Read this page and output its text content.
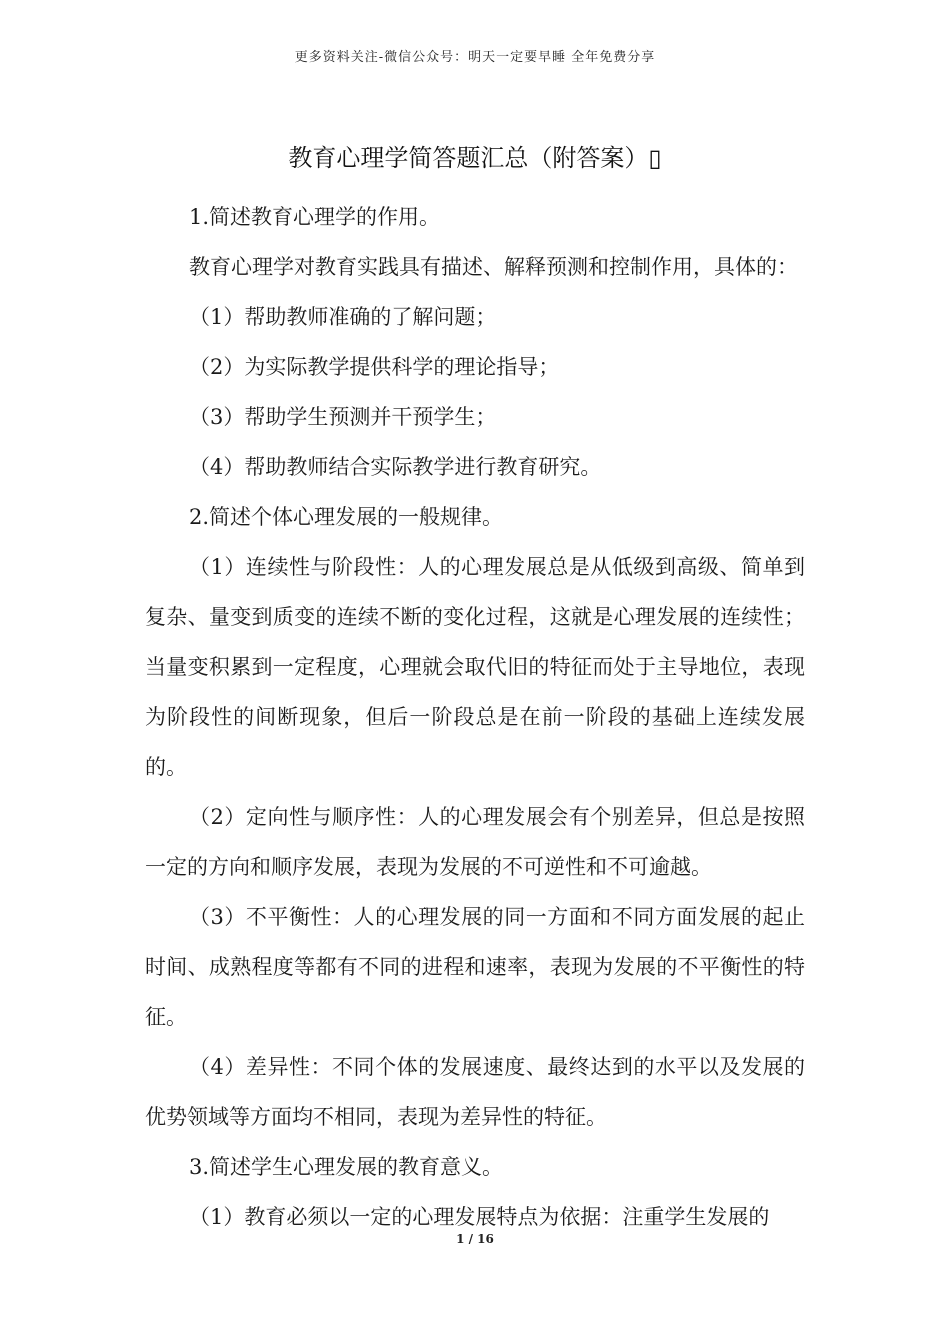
更多资料关注-微信公众号：明天一定要早睡 全年免费分享
教育心理学简答题汇总（附答案）▯

1.简述教育心理学的作用。

教育心理学对教育实践具有描述、解释预测和控制作用，具体的：

（1）帮助教师准确的了解问题；

（2）为实际教学提供科学的理论指导；

（3）帮助学生预测并干预学生；

（4）帮助教师结合实际教学进行教育研究。

2.简述个体心理发展的一般规律。

（1）连续性与阶段性：人的心理发展总是从低级到高级、简单到复杂、量变到质变的连续不断的变化过程，这就是心理发展的连续性；当量变积累到一定程度，心理就会取代旧的特征而处于主导地位，表现为阶段性的间断现象，但后一阶段总是在前一阶段的基础上连续发展的。

（2）定向性与顺序性：人的心理发展会有个别差异，但总是按照一定的方向和顺序发展，表现为发展的不可逆性和不可逾越。

（3）不平衡性：人的心理发展的同一方面和不同方面发展的起止时间、成熟程度等都有不同的进程和速率，表现为发展的不平衡性的特征。

（4）差异性：不同个体的发展速度、最终达到的水平以及发展的优势领域等方面均不相同，表现为差异性的特征。

3.简述学生心理发展的教育意义。

（1）教育必须以一定的心理发展特点为依据：注重学生发展的

1 / 16
